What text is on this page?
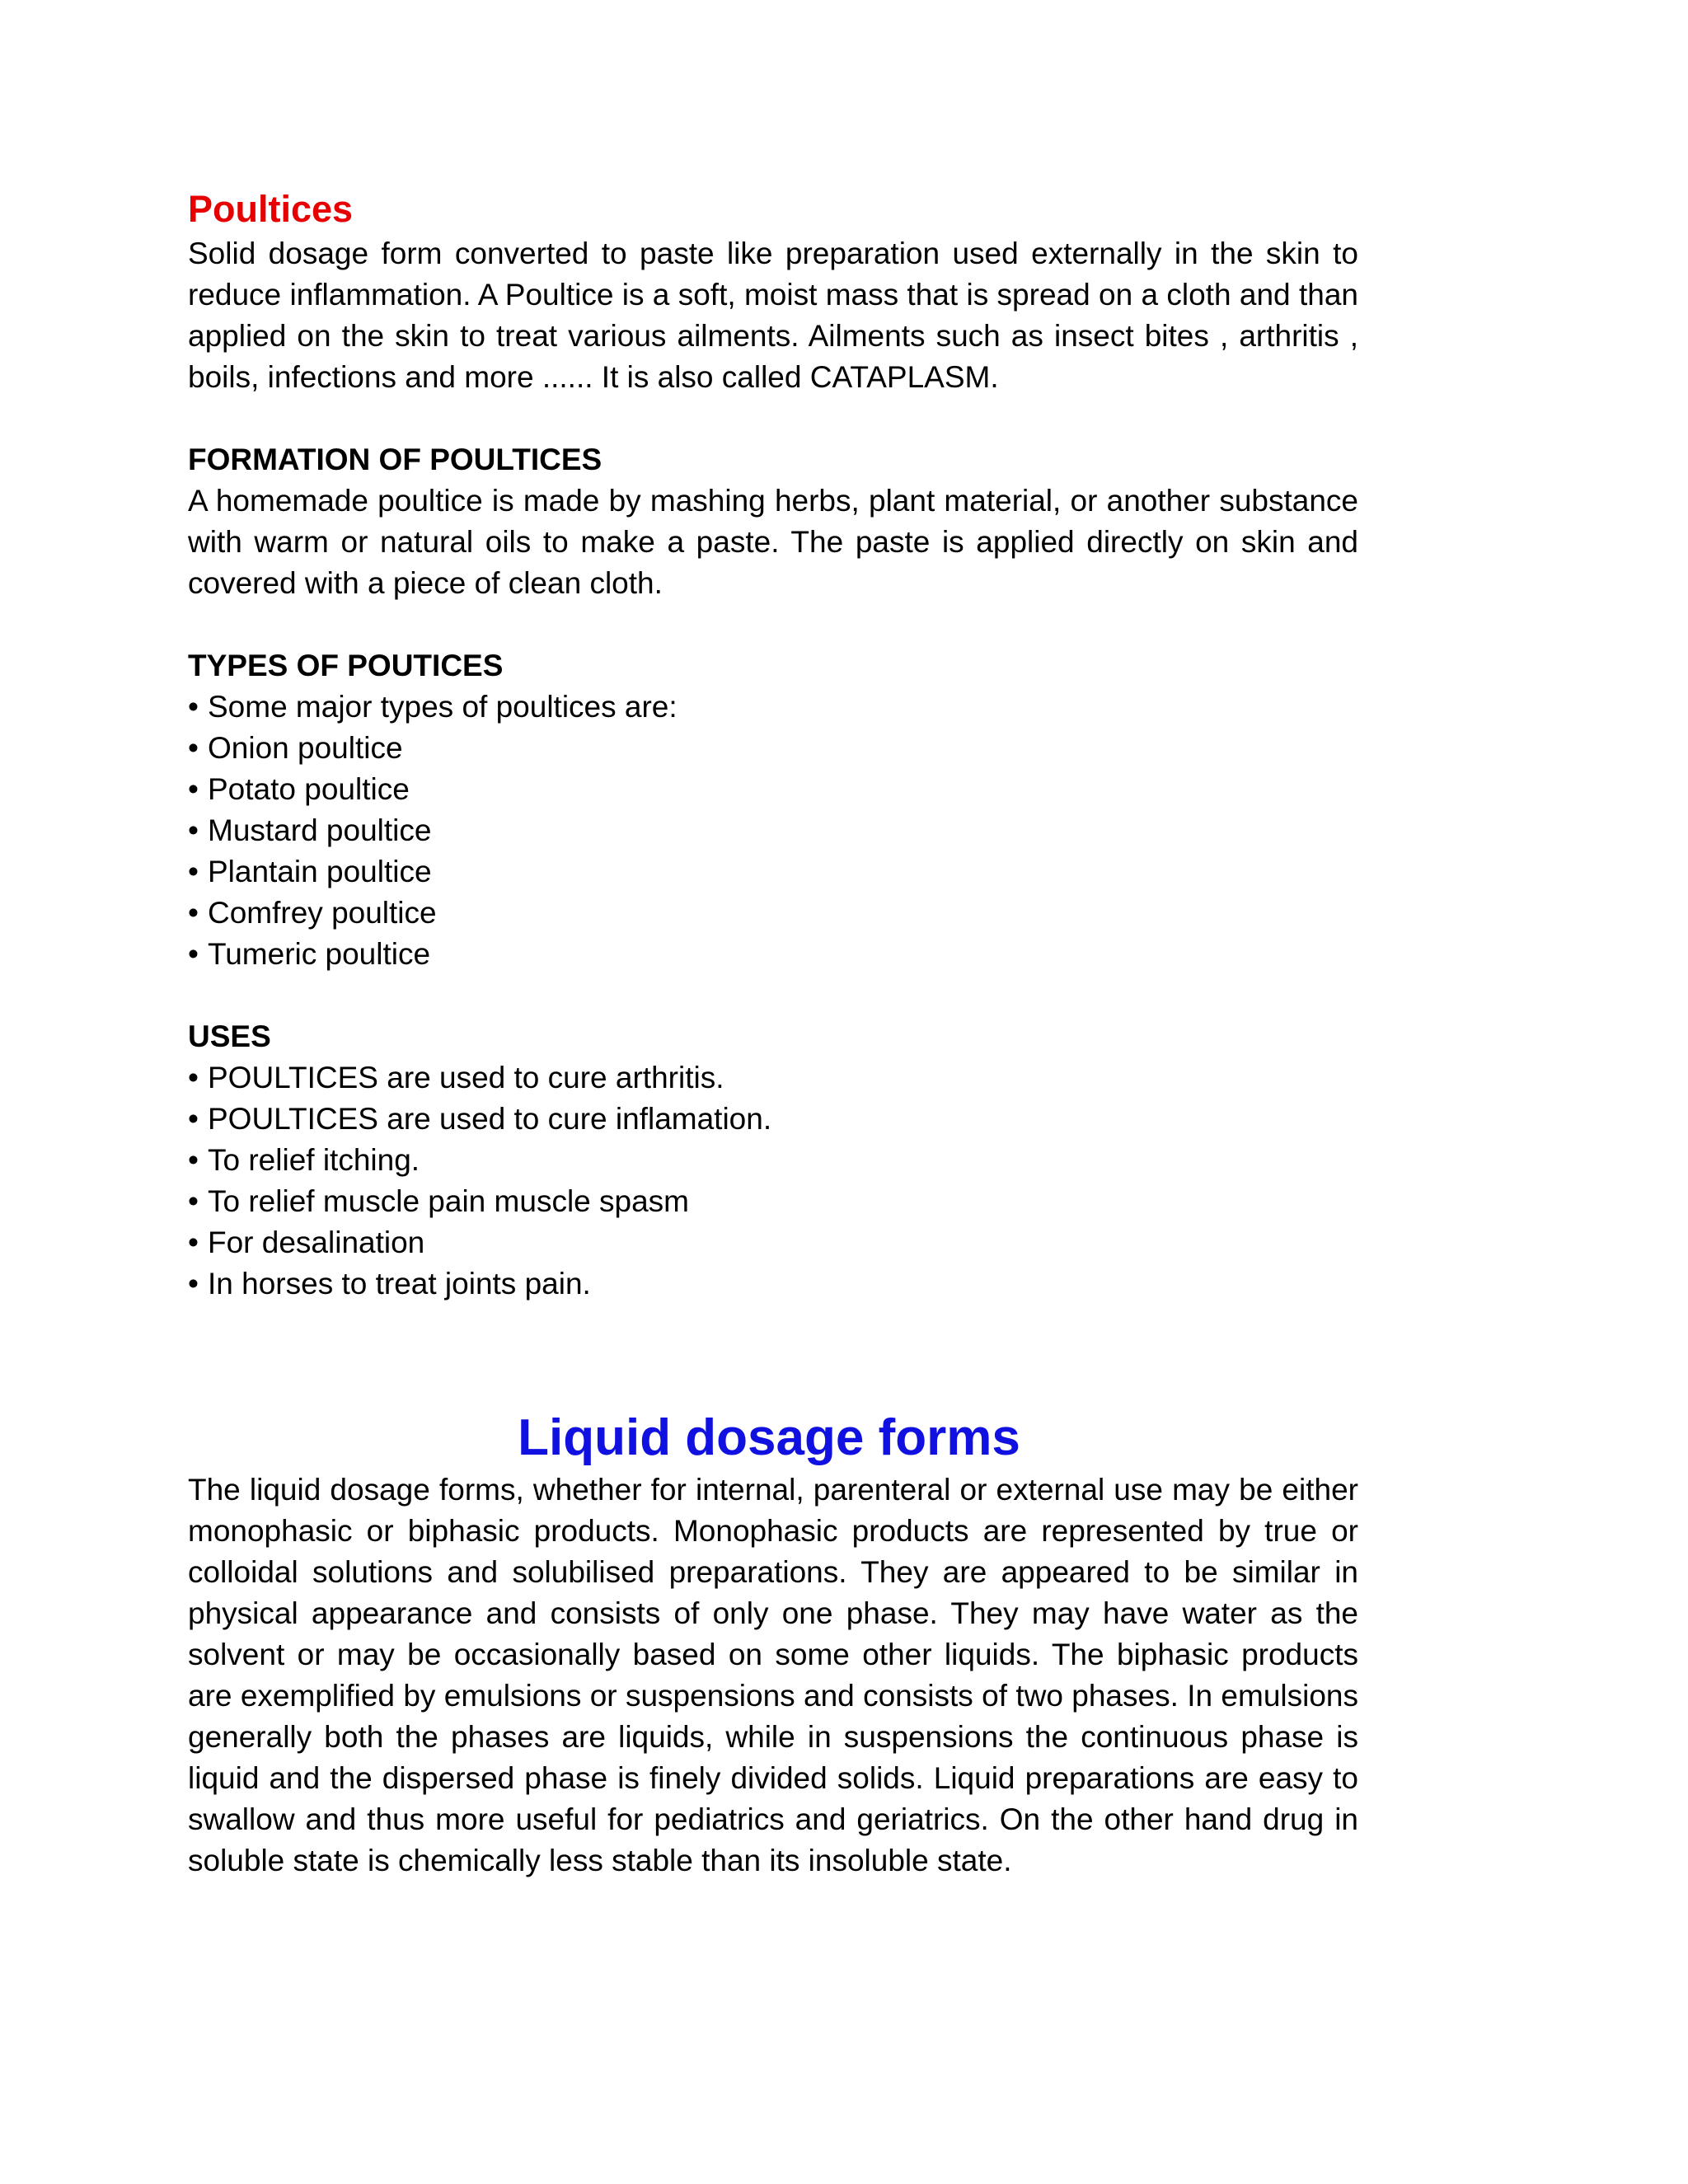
Poultices

Solid dosage form converted to paste like preparation used externally in the skin to reduce inflammation. A Poultice is a soft, moist mass that is spread on a cloth and than applied on the skin to treat various ailments. Ailments such as insect bites , arthritis , boils, infections and more ...... It is also called CATAPLASM.

FORMATION OF POULTICES

A homemade poultice is made by mashing herbs, plant material, or another substance with warm or natural oils to make a paste. The paste is applied directly on skin and covered with a piece of clean cloth.

TYPES OF POUTICES
• Some major types of poultices are:
• Onion poultice
• Potato poultice
• Mustard poultice
• Plantain poultice
• Comfrey poultice
• Tumeric poultice
USES
• POULTICES are used to cure arthritis.
• POULTICES are used to cure inflamation.
• To relief itching.
• To relief muscle pain muscle spasm
• For desalination
• In horses to treat joints pain.
Liquid dosage forms

The liquid dosage forms, whether for internal, parenteral or external use may be either monophasic or biphasic products. Monophasic products are represented by true or colloidal solutions and solubilised preparations. They are appeared to be similar in physical appearance and consists of only one phase. They may have water as the solvent or may be occasionally based on some other liquids. The biphasic products are exemplified by emulsions or suspensions and consists of two phases. In emulsions generally both the phases are liquids, while in suspensions the continuous phase is liquid and the dispersed phase is finely divided solids. Liquid preparations are easy to swallow and thus more useful for pediatrics and geriatrics. On the other hand drug in soluble state is chemically less stable than its insoluble state.
